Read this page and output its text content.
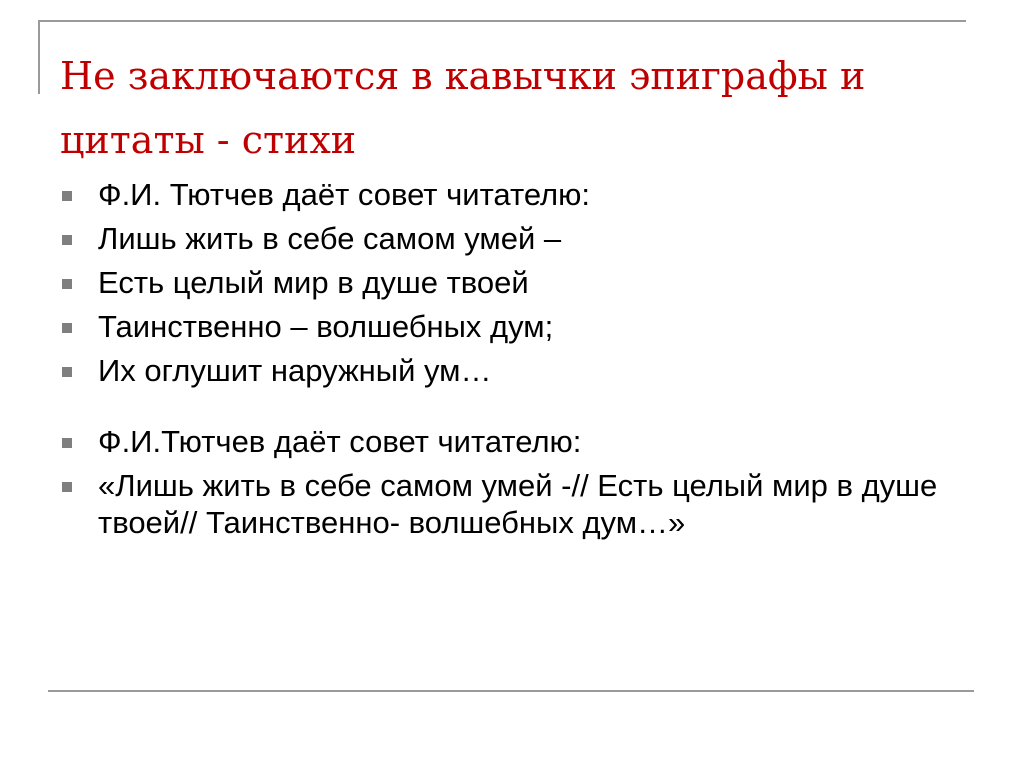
Не заключаются в кавычки эпиграфы и цитаты - стихи
Ф.И. Тютчев даёт совет читателю:
Лишь жить в себе самом умей –
Есть целый мир в душе твоей
Таинственно – волшебных дум;
Их оглушит наружный ум…
Ф.И.Тютчев даёт совет читателю:
«Лишь жить в себе самом умей -// Есть целый мир в душе твоей// Таинственно- волшебных дум…»
